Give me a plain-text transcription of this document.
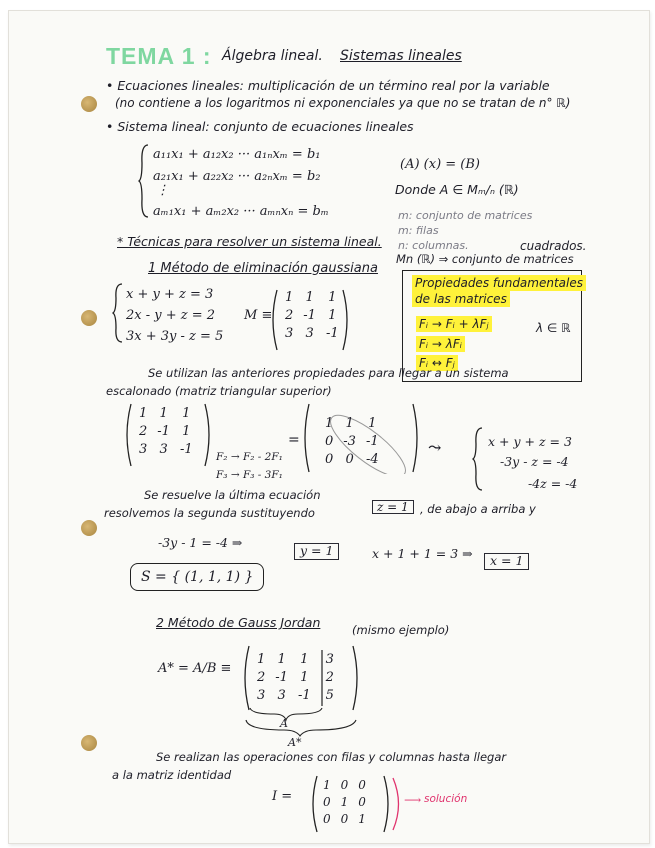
TEMA 1 : Álgebra lineal. Sistemas lineales
• Ecuaciones lineales: multiplicación de un término real por la variable
(no contiene a los logaritmos ni exponenciales ya que no se tratan de n° ℝ)
• Sistema lineal: conjunto de ecuaciones lineales
a₁₁x₁ + a₁₂x₂ ··· a₁ₙxₘ = b₁
a₂₁x₁ + a₂₂x₂ ··· a₂ₙxₘ = b₂
⋮
aₘ₁x₁ + aₘ₂x₂ ··· aₘₙxₙ = bₘ
(A) (x) = (B)
Donde A ∈ Mₘ/ₙ (ℝ)
m: conjunto de matrices
m: filas
n: columnas.	cuadrados.
Mn (ℝ) ⇒ conjunto de matrices
* Técnicas para resolver un sistema lineal.
1 Método de eliminación gaussiana
x + y + z = 3
2x - y + z = 2
3x + 3y - z = 5
M ≡
1	1	1
2	-1	1
3	3	-1
Propiedades fundamentales
de las matrices
Fᵢ → Fᵢ + λFⱼ
Fᵢ → λFᵢ
Fᵢ ↔ Fⱼ
λ ∈ ℝ
Se utilizan las anteriores propiedades para llegar a un sistema
escalonado (matriz triangular superior)
1	1	1
2	-1	1
3	3	-1
F₂ → F₂ - 2F₁
F₃ → F₃ - 3F₁
=
1	1	1
0	-3	-1
0	0	-4
⤳	x + y + z = 3
-3y - z = -4
-4z = -4
Se resuelve la última ecuación
z = 1 , de abajo a arriba y
resolvemos la segunda sustituyendo
-3y - 1 = -4 ⇒
y = 1	x + 1 + 1 = 3 ⇒	x = 1
S = { (1, 1, 1) }
2 Método de Gauss Jordan	(mismo ejemplo)
A* = A/B ≡
1	1	1	3
2	-1	1	2
3	3	-1	5
A
A*
Se realizan las operaciones con filas y columnas hasta llegar
a la matriz identidad
I =
1	0	0
0	1	0
0	0	1
⟶ solución
